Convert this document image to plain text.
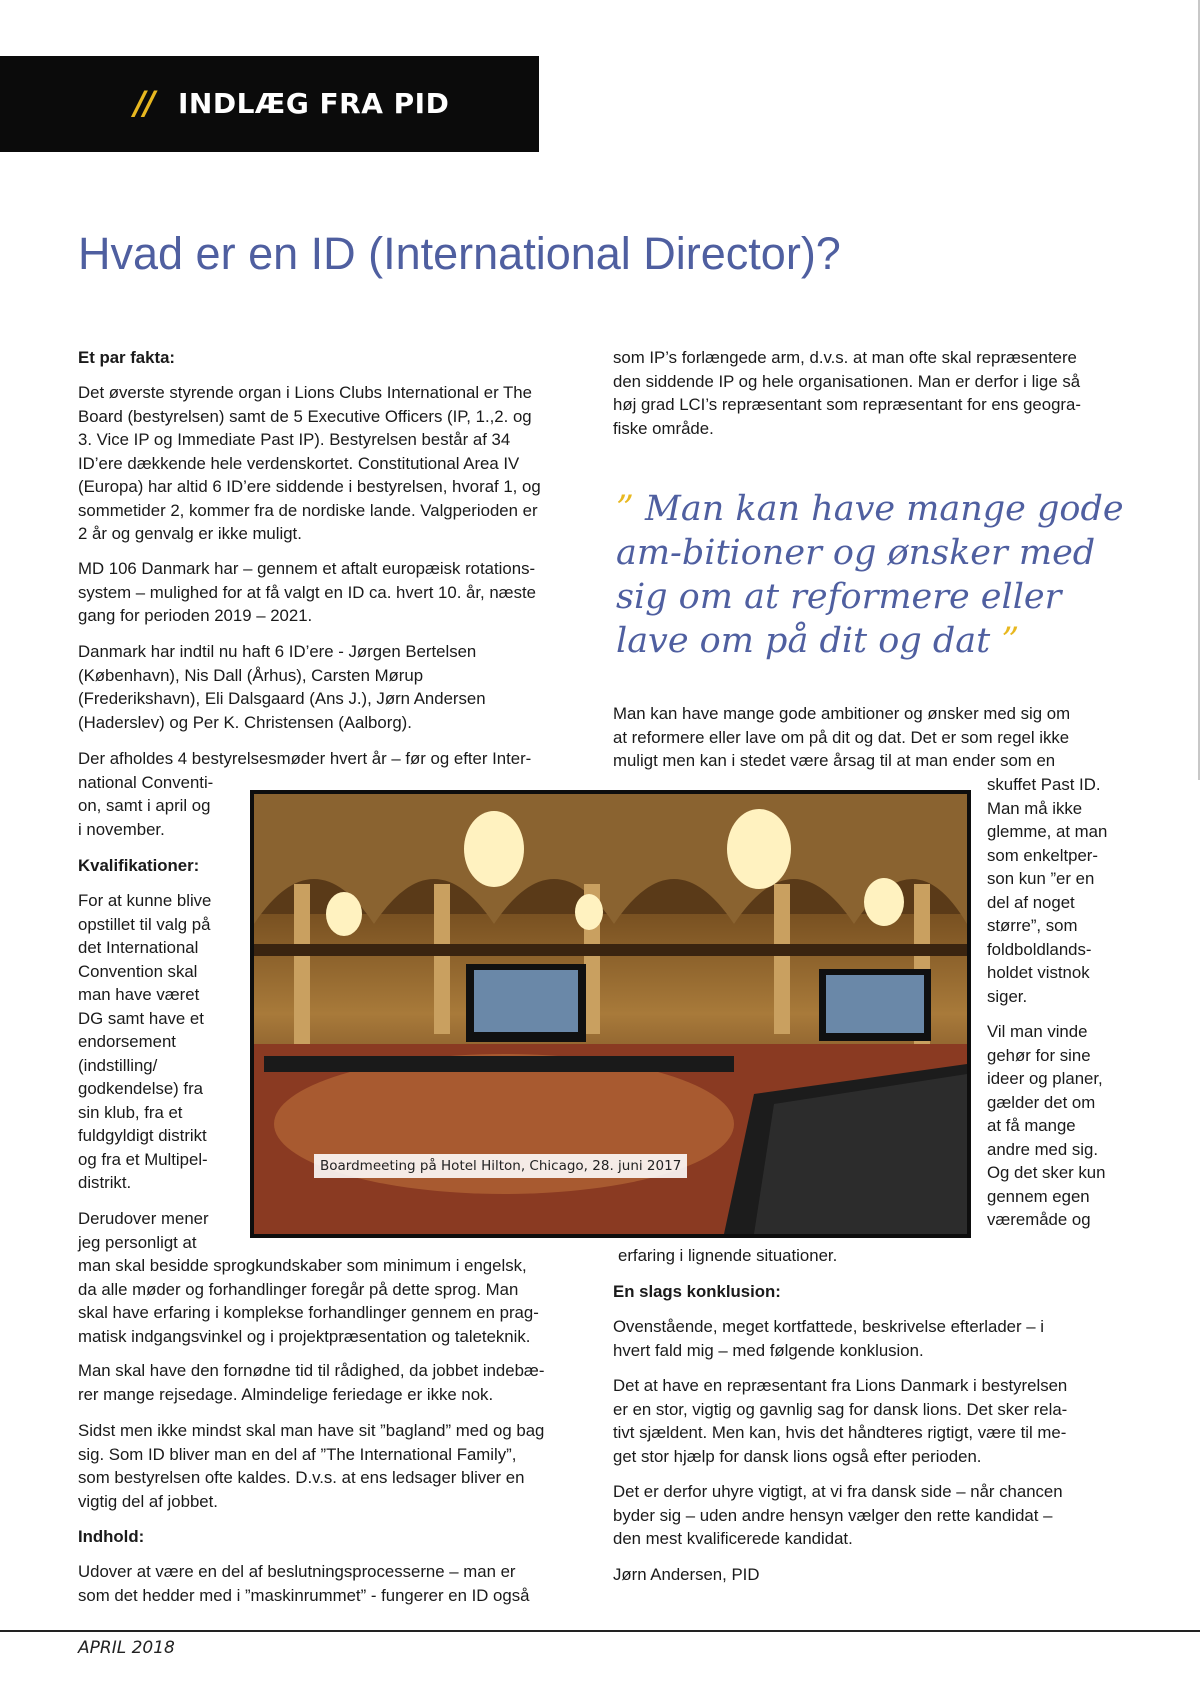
// INDLÆG FRA PID
Hvad er en ID (International Director)?
Et par fakta:
Det øverste styrende organ i Lions Clubs International er The
Board (bestyrelsen) samt de 5 Executive Officers (IP, 1.,2. og
3. Vice IP og Immediate Past IP). Bestyrelsen består af 34
ID’ere dækkende hele verdenskortet. Constitutional Area IV
(Europa) har altid 6 ID’ere siddende i bestyrelsen, hvoraf 1, og
sommetider 2, kommer fra de nordiske lande. Valgperioden er
2 år og genvalg er ikke muligt.
MD 106 Danmark har – gennem et aftalt europæisk rotations-
system – mulighed for at få valgt en ID ca. hvert 10. år, næste
gang for perioden 2019 – 2021.
Danmark har indtil nu haft 6 ID’ere - Jørgen Bertelsen
(København), Nis Dall (Århus), Carsten Mørup
(Frederikshavn), Eli Dalsgaard (Ans J.), Jørn Andersen
(Haderslev) og Per K. Christensen (Aalborg).
Der afholdes 4 bestyrelsesmøder hvert år – før og efter Inter-
national Conventi-
on, samt i april og
i november.
Kvalifikationer:
For at kunne blive
opstillet til valg på
det International
Convention skal
man have været
DG samt have et
endorsement
(indstilling/
godkendelse) fra
sin klub, fra et
fuldgyldigt distrikt
og fra et Multipel-
distrikt.
Derudover mener
jeg personligt at
man skal besidde sprogkundskaber som minimum i engelsk,
da alle møder og forhandlinger foregår på dette sprog. Man
skal have erfaring i komplekse forhandlinger gennem en prag-
matisk indgangsvinkel og i projektpræsentation og taleteknik.
Man skal have den fornødne tid til rådighed, da jobbet indebæ-
rer mange rejsedage. Almindelige feriedage er ikke nok.
Sidst men ikke mindst skal man have sit ”bagland” med og bag
sig. Som ID bliver man en del af ”The International Family”,
som bestyrelsen ofte kaldes. D.v.s. at ens ledsager bliver en
vigtig del af jobbet.
Indhold:
Udover at være en del af beslutningsprocesserne – man er
som det hedder med i ”maskinrummet” - fungerer en ID også
som IP’s forlængede arm, d.v.s. at man ofte skal repræsentere
den siddende IP og hele organisationen. Man er derfor i lige så
høj grad LCI’s repræsentant som repræsentant for ens geogra-
fiske område.
” Man kan have mange gode am-bitioner og ønsker med sig om at reformere eller lave om på dit og dat ”
Man kan have mange gode ambitioner og ønsker med sig om
at reformere eller lave om på dit og dat. Det er som regel ikke
muligt men kan i stedet være årsag til at man ender som en
skuffet Past ID.
Man må ikke
glemme, at man
som enkeltper-
son kun ”er en
del af noget
større”, som
foldboldlands-
holdet vistnok
siger.
Vil man vinde
gehør for sine
ideer og planer,
gælder det om
at få mange
andre med sig.
Og det sker kun
gennem egen
væremåde og
erfaring i lignende situationer.
En slags konklusion:
Ovenstående, meget kortfattede, beskrivelse efterlader – i
hvert fald mig – med følgende konklusion.
Det at have en repræsentant fra Lions Danmark i bestyrelsen
er en stor, vigtig og gavnlig sag for dansk lions. Det sker rela-
tivt sjældent. Men kan, hvis det håndteres rigtigt, være til me-
get stor hjælp for dansk lions også efter perioden.
Det er derfor uhyre vigtigt, at vi fra dansk side – når chancen
byder sig – uden andre hensyn vælger den rette kandidat –
den mest kvalificerede kandidat.
Jørn Andersen, PID
Boardmeeting på Hotel Hilton, Chicago, 28. juni 2017
APRIL 2018
